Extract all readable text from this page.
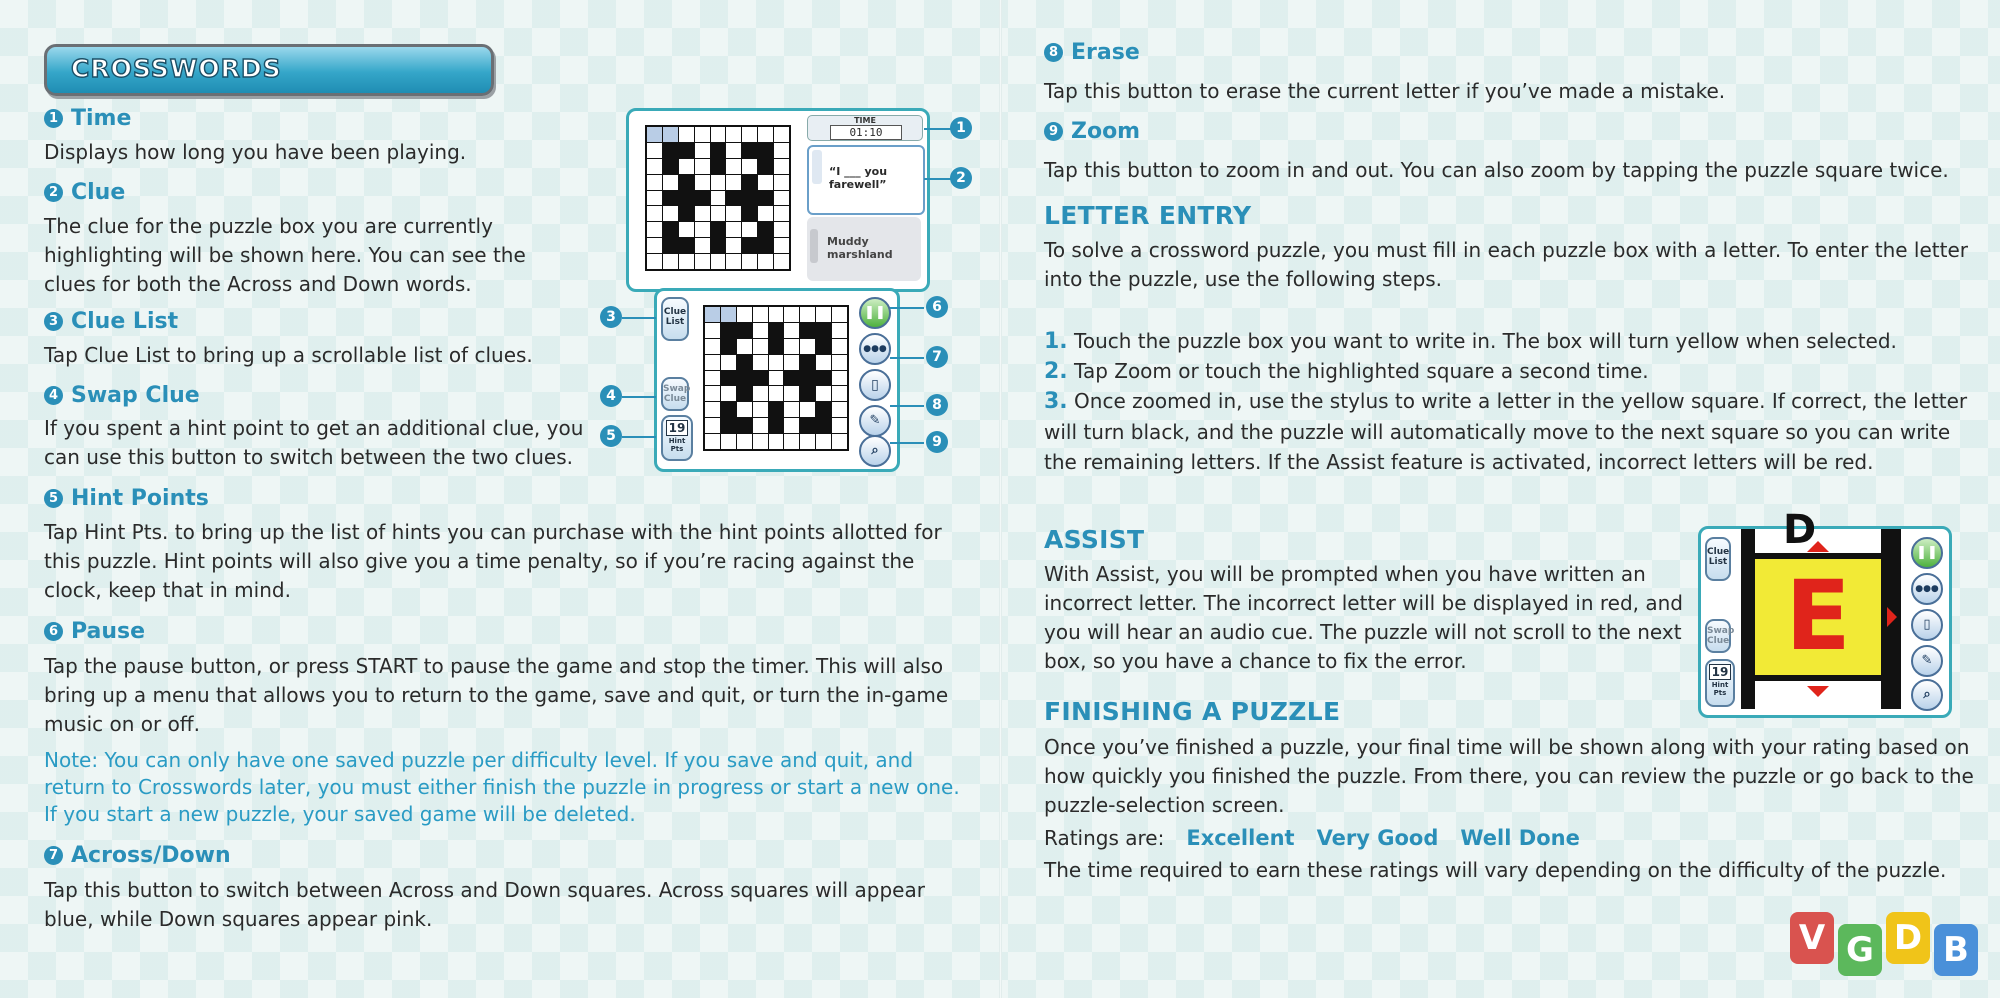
CROSSWORDS
1 Time
Displays how long you have been playing.
2 Clue
The clue for the puzzle box you are currently highlighting will be shown here. You can see the clues for both the Across and Down words.
3 Clue List
Tap Clue List to bring up a scrollable list of clues.
4 Swap Clue
If you spent a hint point to get an additional clue, you can use this button to switch between the two clues.
5 Hint Points
Tap Hint Pts. to bring up the list of hints you can purchase with the hint points allotted for this puzzle. Hint points will also give you a time penalty, so if you’re racing against the clock, keep that in mind.
6 Pause
Tap the pause button, or press START to pause the game and stop the timer. This will also bring up a menu that allows you to return to the game, save and quit, or turn the in-game music on or off.
Note: You can only have one saved puzzle per difficulty level. If you save and quit, and return to Crosswords later, you must either finish the puzzle in progress or start a new one. If you start a new puzzle, your saved game will be deleted.
7 Across/Down
Tap this button to switch between Across and Down squares. Across squares will appear blue, while Down squares appear pink.
TIME
01:10
“I ___ you farewell”
Muddy marshland
Clue List
Swap Clue
19
Hint Pts
❚❚
●●●
▯
✎
⌕
1
2
3
4
5
6
7
8
9
8 Erase
Tap this button to erase the current letter if you’ve made a mistake.
9 Zoom
Tap this button to zoom in and out. You can also zoom by tapping the puzzle square twice.
LETTER ENTRY
To solve a crossword puzzle, you must fill in each puzzle box with a letter. To enter the letter into the puzzle, use the following steps.
1. Touch the puzzle box you want to write in. The box will turn yellow when selected.
2. Tap Zoom or touch the highlighted square a second time.
3. Once zoomed in, use the stylus to write a letter in the yellow square. If correct, the letter will turn black, and the puzzle will automatically move to the next square so you can write the remaining letters. If the Assist feature is activated, incorrect letters will be red.
ASSIST
With Assist, you will be prompted when you have written an incorrect letter. The incorrect letter will be displayed in red, and you will hear an audio cue. The puzzle will not scroll to the next box, so you have a chance to fix the error.
Clue List
Swap Clue
19
Hint Pts
D
E
❚❚
●●●
▯
✎
⌕
FINISHING A PUZZLE
Once you’ve finished a puzzle, your final time will be shown along with your rating based on how quickly you finished the puzzle. From there, you can review the puzzle or go back to the puzzle-selection screen.
Ratings are: Excellent Very Good Well Done
The time required to earn these ratings will vary depending on the difficulty of the puzzle.
V G D B
